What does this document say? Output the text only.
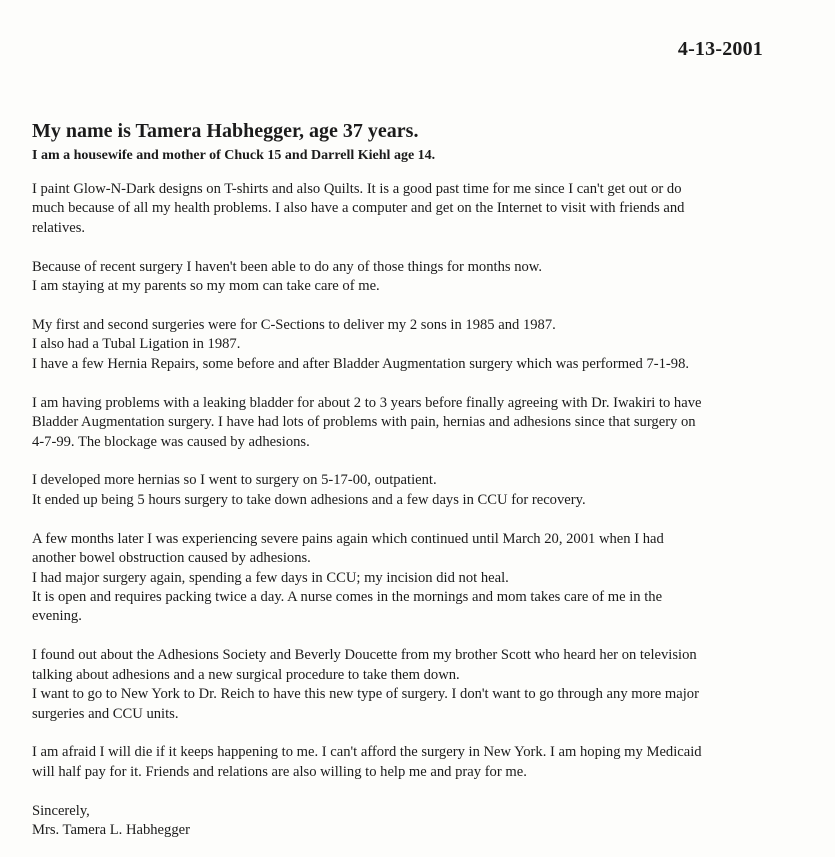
4-13-2001

My name is Tamera Habhegger, age 37 years.

I am a housewife and mother of Chuck 15 and Darrell Kiehl age 14.

I paint Glow-N-Dark designs on T-shirts and also Quilts. It is a good past time for me since I can't get out or do
much because of all my health problems. I also have a computer and get on the Internet to visit with friends and
relatives.
Because of recent surgery I haven't been able to do any of those things for months now.
I am staying at my parents so my mom can take care of me.
My first and second surgeries were for C-Sections to deliver my 2 sons in 1985 and 1987.
I also had a Tubal Ligation in 1987.
I have a few Hernia Repairs, some before and after Bladder Augmentation surgery which was performed 7-1-98.
I am having problems with a leaking bladder for about 2 to 3 years before finally agreeing with Dr. Iwakiri to have
Bladder Augmentation surgery. I have had lots of problems with pain, hernias and adhesions since that surgery on
4-7-99. The blockage was caused by adhesions.
I developed more hernias so I went to surgery on 5-17-00, outpatient.
It ended up being 5 hours surgery to take down adhesions and a few days in CCU for recovery.
A few months later I was experiencing severe pains again which continued until March 20, 2001 when I had
another bowel obstruction caused by adhesions.
I had major surgery again, spending a few days in CCU; my incision did not heal.
It is open and requires packing twice a day. A nurse comes in the mornings and mom takes care of me in the
evening.
I found out about the Adhesions Society and Beverly Doucette from my brother Scott who heard her on television
talking about adhesions and a new surgical procedure to take them down.
I want to go to New York to Dr. Reich to have this new type of surgery. I don't want to go through any more major
surgeries and CCU units.
I am afraid I will die if it keeps happening to me. I can't afford the surgery in New York. I am hoping my Medicaid
will half pay for it. Friends and relations are also willing to help me and pray for me.
Sincerely,
Mrs. Tamera L. Habhegger
